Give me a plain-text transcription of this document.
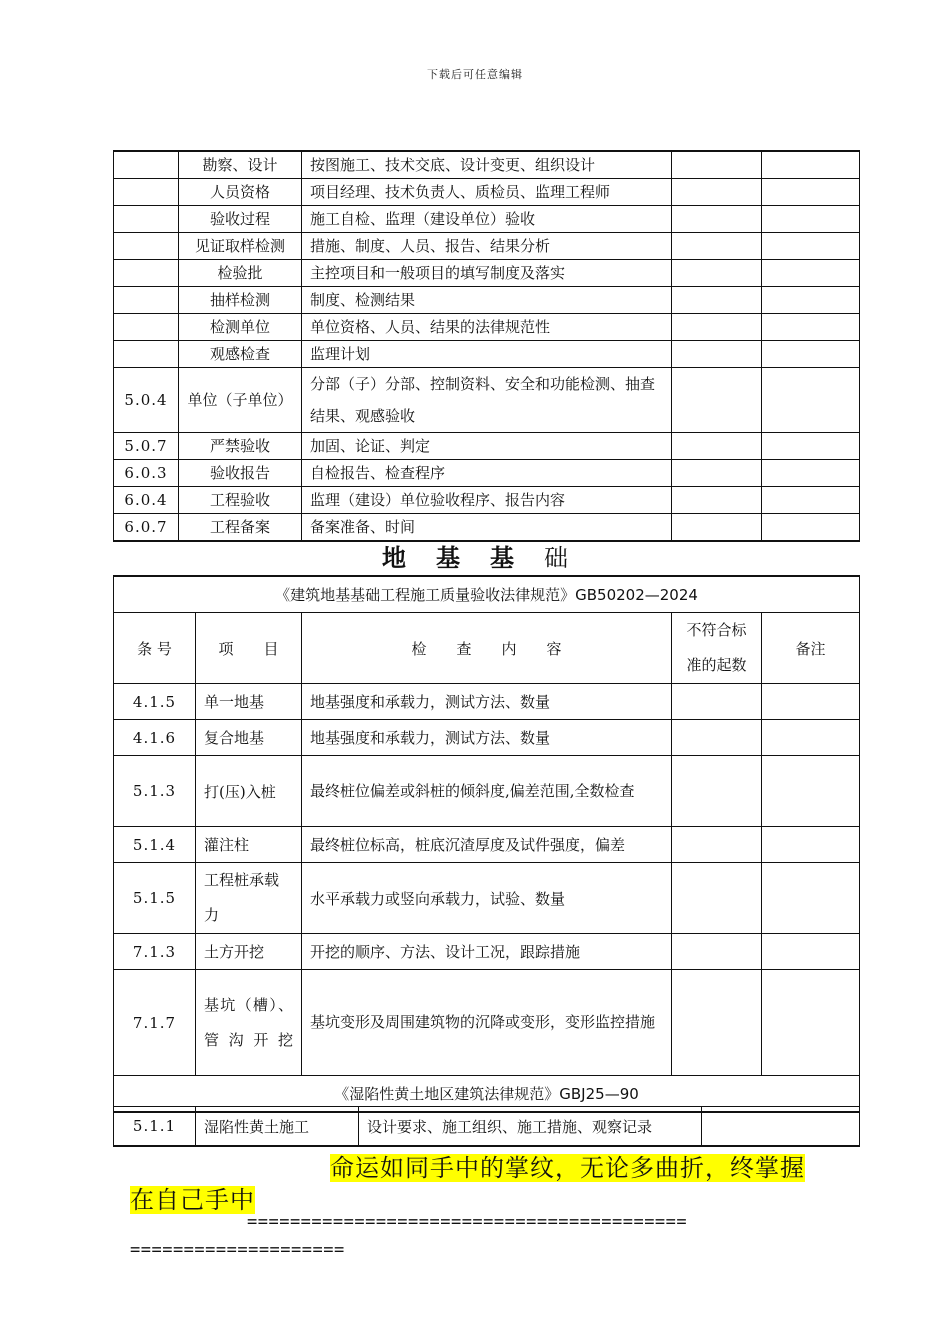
下载后可任意编辑
	勘察、设计	按图施工、技术交底、设计变更、组织设计		
	人员资格	项目经理、技术负责人、质检员、监理工程师		
	验收过程	施工自检、监理（建设单位）验收		
	见证取样检测	措施、制度、人员、报告、结果分析		
	检验批	主控项目和一般项目的填写制度及落实		
	抽样检测	制度、检测结果		
	检测单位	单位资格、人员、结果的法律规范性		
	观感检查	监理计划		
5.0.4	单位（子单位）	分部（子）分部、控制资料、安全和功能检测、抽查结果、观感验收		
5.0.7	严禁验收	加固、论证、判定		
6.0.3	验收报告	自检报告、检查程序		
6.0.4	工程验收	监理（建设）单位验收程序、报告内容		
6.0.7	工程备案	备案准备、时间		
地基基础
《建筑地基基础工程施工质量验收法律规范》GB50202—2024				
条 号	项　　目	检　　查　　内　　容	不符合标准的起数	备注
4.1.5	单一地基	地基强度和承载力，测试方法、数量		
4.1.6	复合地基	地基强度和承载力，测试方法、数量		
5.1.3	打(压)入桩	最终桩位偏差或斜桩的倾斜度,偏差范围,全数检查		
5.1.4	灌注柱	最终桩位标高，桩底沉渣厚度及试件强度，偏差		
5.1.5	工程桩承载力	水平承载力或竖向承载力，试验、数量		
7.1.3	土方开挖	开挖的顺序、方法、设计工况，跟踪措施		
7.1.7	基坑（槽）、管沟开挖	基坑变形及周围建筑物的沉降或变形，变形监控措施		
《湿陷性黄土地区建筑法律规范》GBJ25—90				
5.1.1	湿陷性黄土施工	设计要求、施工组织、施工措施、观察记录	
命运如同手中的掌纹，无论多曲折，终掌握
在自己手中
=========================================
====================
